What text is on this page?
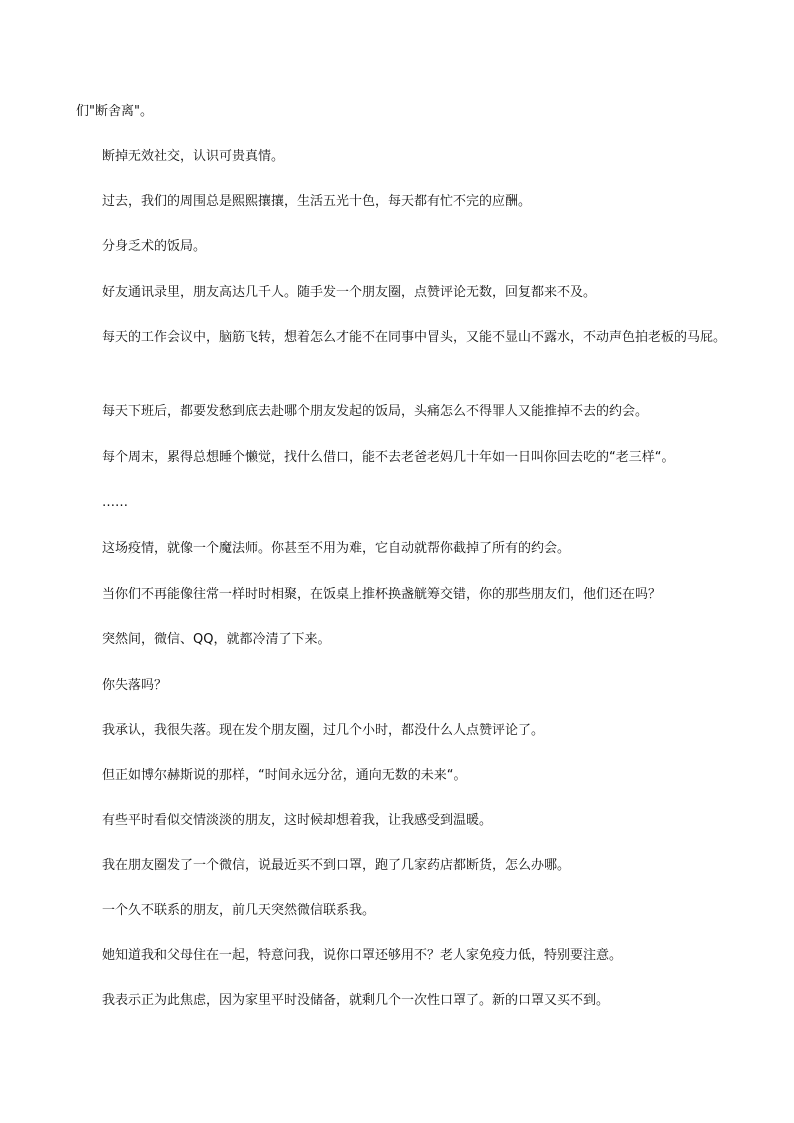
们"断舍离"。
断掉无效社交，认识可贵真情。
过去，我们的周围总是熙熙攘攘，生活五光十色，每天都有忙不完的应酬。
分身乏术的饭局。
好友通讯录里，朋友高达几千人。随手发一个朋友圈，点赞评论无数，回复都来不及。
每天的工作会议中，脑筋飞转，想着怎么才能不在同事中冒头，又能不显山不露水，不动声色拍老板的马屁。
每天下班后，都要发愁到底去赴哪个朋友发起的饭局，头痛怎么不得罪人又能推掉不去的约会。
每个周末，累得总想睡个懒觉，找什么借口，能不去老爸老妈几十年如一日叫你回去吃的“老三样“。
……
这场疫情，就像一个魔法师。你甚至不用为难，它自动就帮你截掉了所有的约会。
当你们不再能像往常一样时时相聚，在饭桌上推杯换盏觥筹交错，你的那些朋友们，他们还在吗？
突然间，微信、QQ，就都冷清了下来。
你失落吗？
我承认，我很失落。现在发个朋友圈，过几个小时，都没什么人点赞评论了。
但正如博尔赫斯说的那样，“时间永远分岔，通向无数的未来“。
有些平时看似交情淡淡的朋友，这时候却想着我，让我感受到温暖。
我在朋友圈发了一个微信，说最近买不到口罩，跑了几家药店都断货，怎么办哪。
一个久不联系的朋友，前几天突然微信联系我。
她知道我和父母住在一起，特意问我，说你口罩还够用不？老人家免疫力低，特别要注意。
我表示正为此焦虑，因为家里平时没储备，就剩几个一次性口罩了。新的口罩又买不到。
